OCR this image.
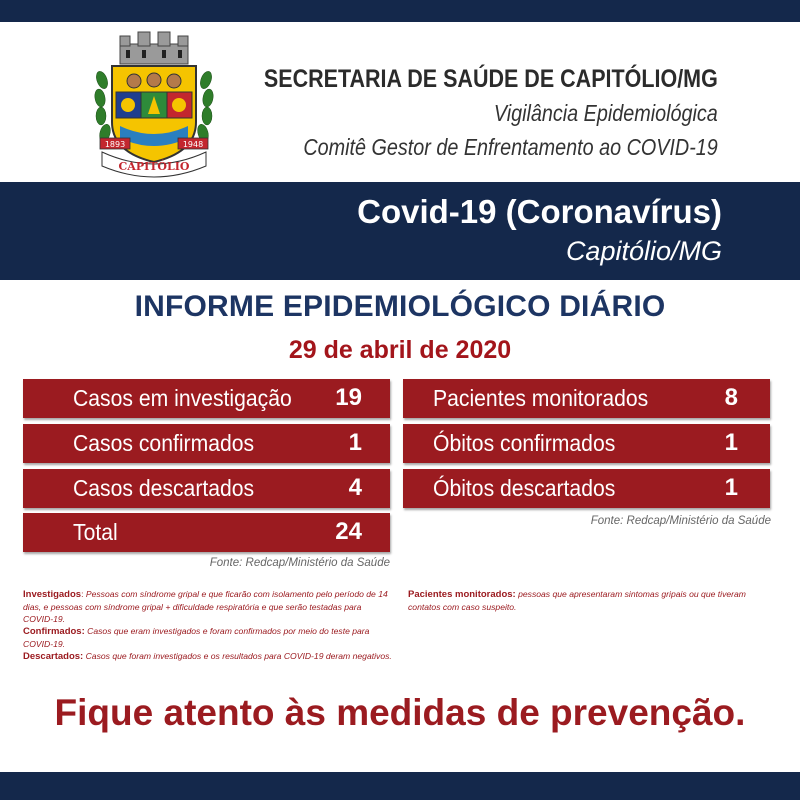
1893	1948
CAPITÓLIO
SECRETARIA DE SAÚDE DE CAPITÓLIO/MG
Vigilância Epidemiológica
Comitê Gestor de Enfrentamento ao COVID-19
Covid-19 (Coronavírus)
Capitólio/MG
INFORME EPIDEMIOLÓGICO DIÁRIO
29 de abril de 2020
Casos em investigação 19
Casos confirmados	1
Casos descartados	4
Total	24
Pacientes monitorados	8
Óbitos confirmados	1
Óbitos descartados	1
Fonte: Redcap/Ministério da Saúde
Fonte: Redcap/Ministério da Saúde
Investigados: Pessoas com síndrome gripal e que ficarão com isolamento pelo período de 14 dias, e pessoas com síndrome gripal + dificuldade respiratória e que serão testadas para COVID-19.
Confirmados: Casos que eram investigados e foram confirmados por meio do teste para COVID-19.
Descartados: Casos que foram investigados e os resultados para COVID-19 deram negativos.
Pacientes monitorados: pessoas que apresentaram sintomas gripais ou que tiveram contatos com caso suspeito.
Fique atento às medidas de prevenção.
